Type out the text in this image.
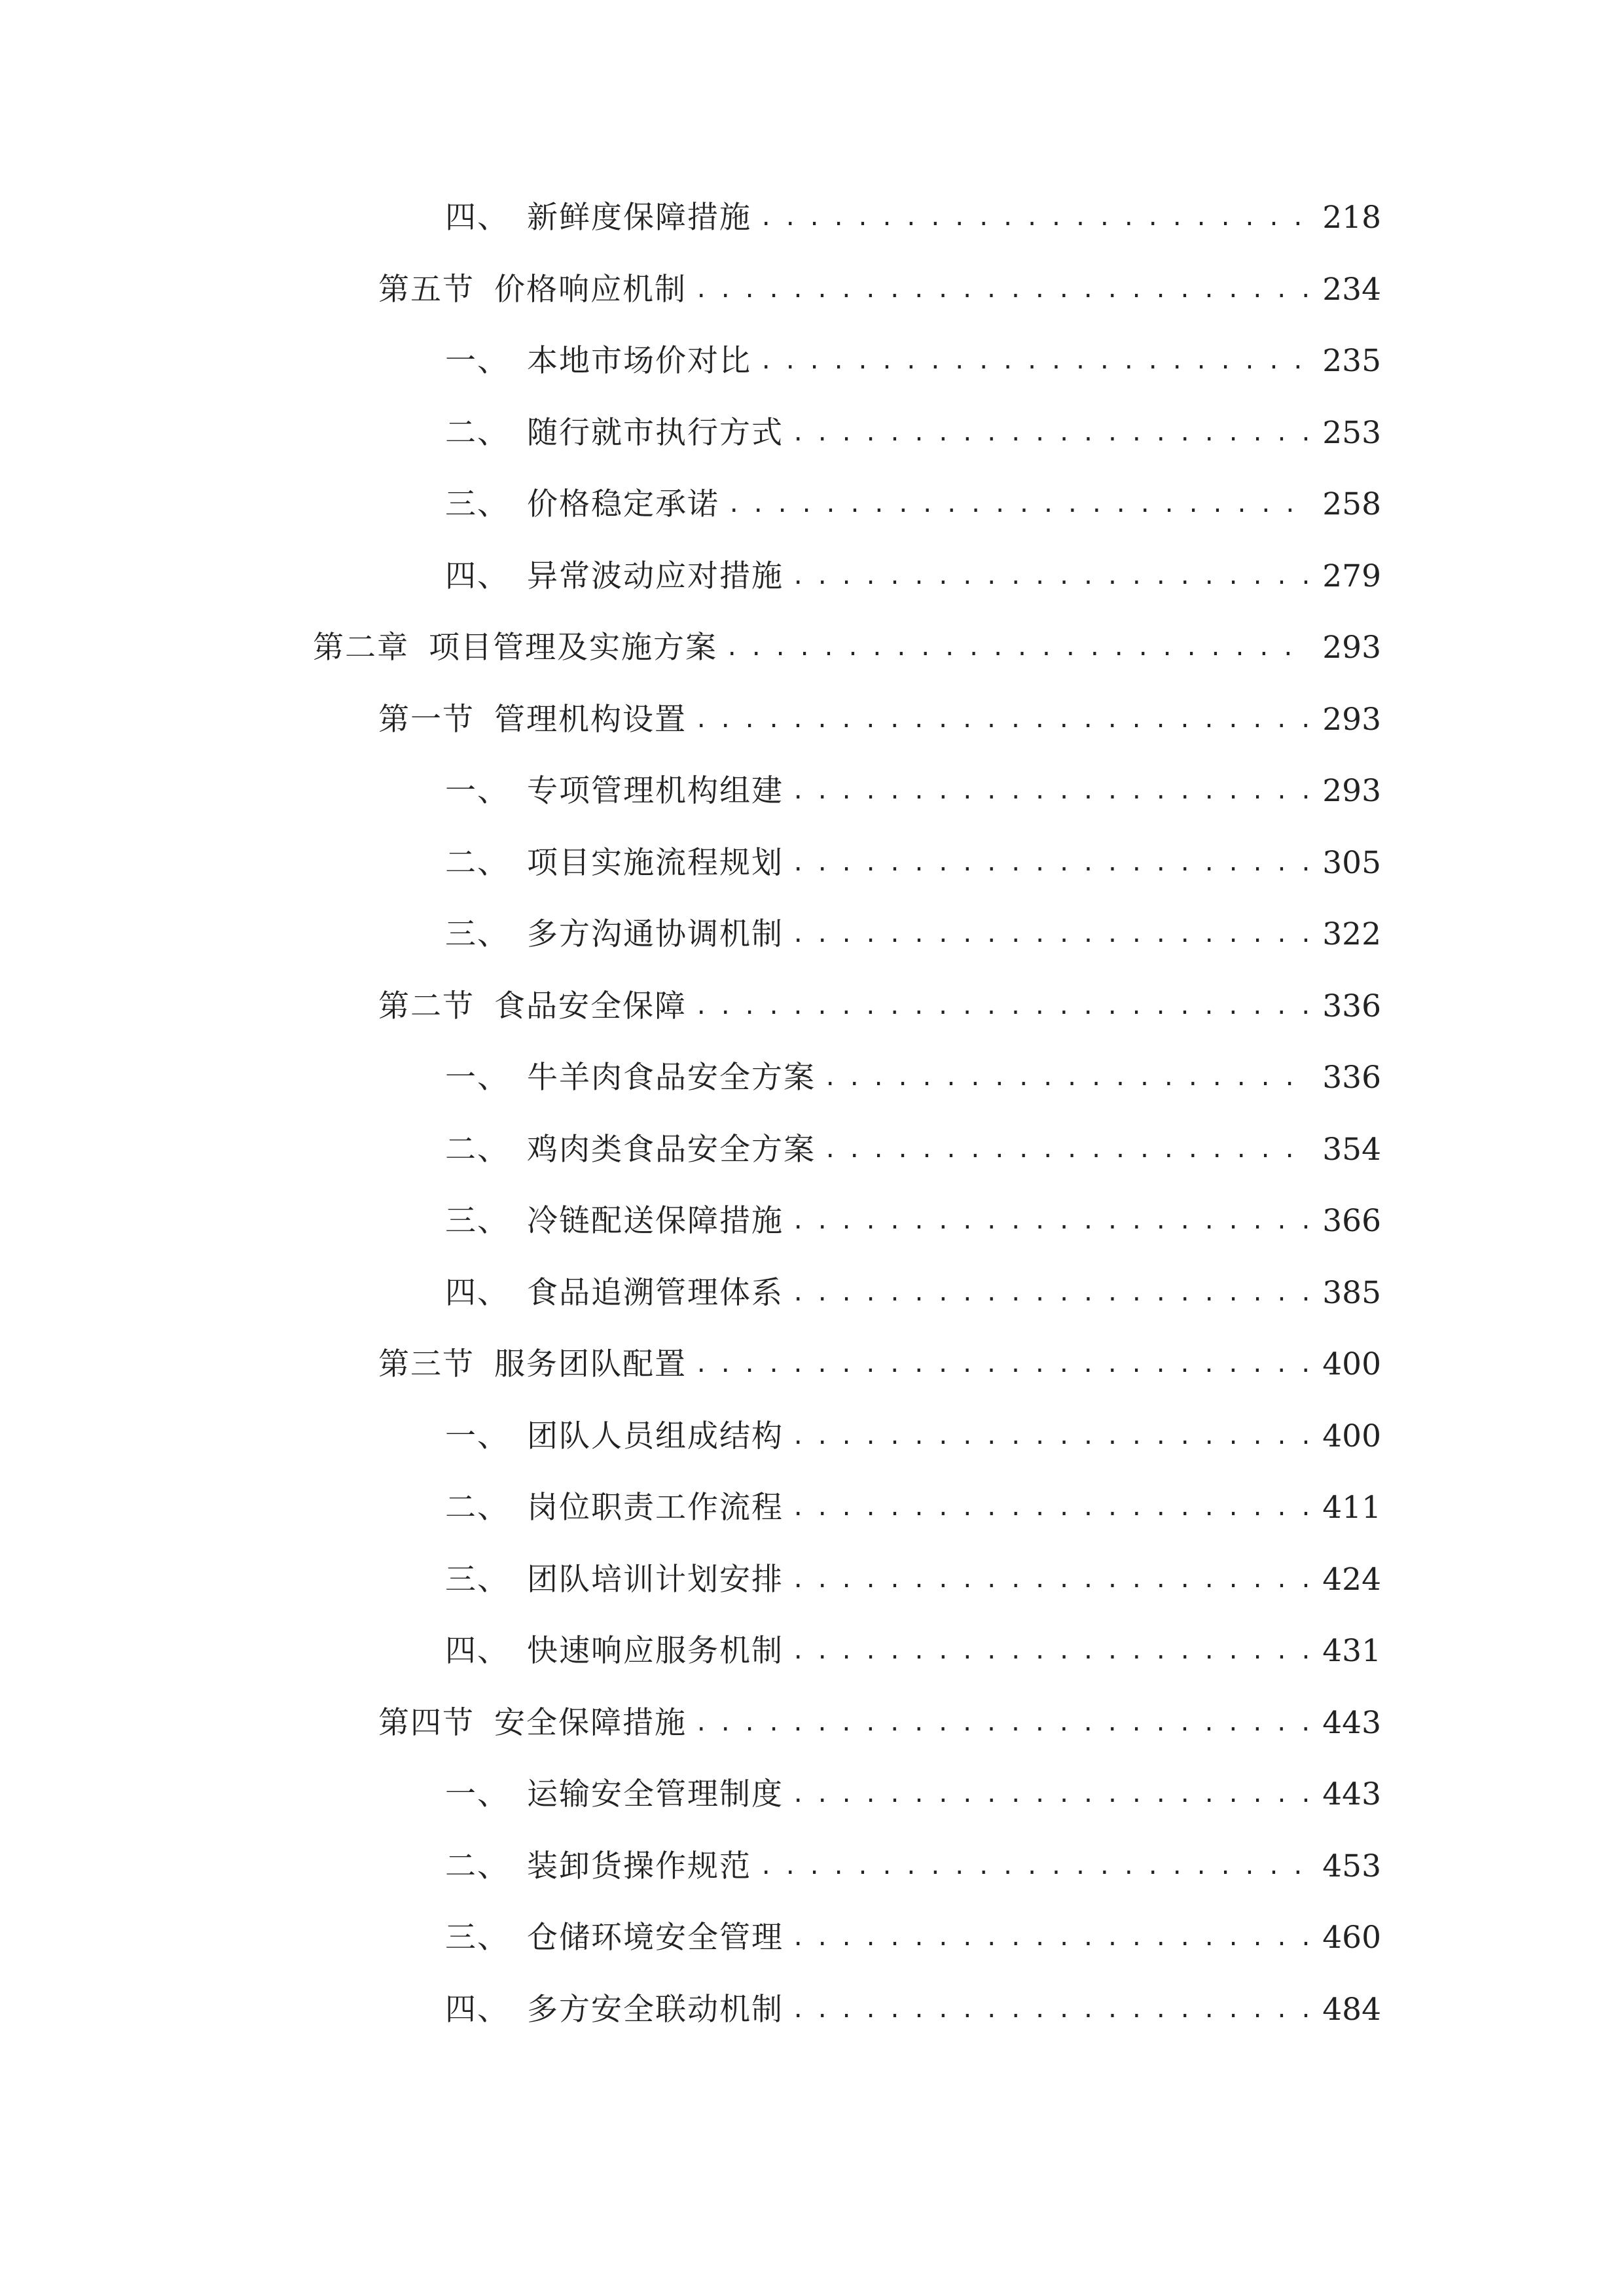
四、 新鲜度保障措施 . . .	218
第五节 价格响应机制 . . .	234
一、 本地市场价对比 . . .	235
二、 随行就市执行方式 . . .	253
三、 价格稳定承诺 . . .	258
四、 异常波动应对措施 . . .	279
第二章 项目管理及实施方案 . . .	293
第一节 管理机构设置 . . .	293
一、 专项管理机构组建 . . .	293
二、 项目实施流程规划 . . .	305
三、 多方沟通协调机制 . . .	322
第二节 食品安全保障 . . .	336
一、 牛羊肉食品安全方案 . . .	336
二、 鸡肉类食品安全方案 . . .	354
三、 冷链配送保障措施 . . .	366
四、 食品追溯管理体系 . . .	385
第三节 服务团队配置 . . .	400
一、 团队人员组成结构 . . .	400
二、 岗位职责工作流程 . . .	411
三、 团队培训计划安排 . . .	424
四、 快速响应服务机制 . . .	431
第四节 安全保障措施 . . .	443
一、 运输安全管理制度 . . .	443
二、 装卸货操作规范 . . .	453
三、 仓储环境安全管理 . . .	460
四、 多方安全联动机制 . . .	484
